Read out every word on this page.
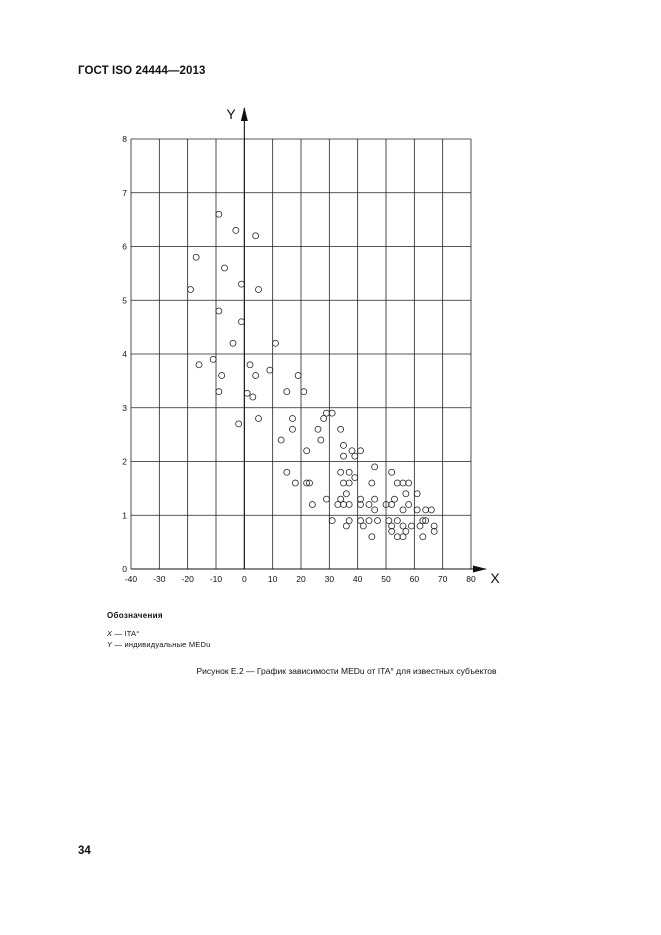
ГОСТ ISO 24444—2013
-40 -30 -20 -10 0 10 20 30 40 50 60 70 80
0
1
2
3
4
5
6
7
8
X
Y
Обозначения
X — ITA°
Y — индивидуальные MEDu
Рисунок Е.2 — График зависимости MEDu от ITA° для известных субъектов
34
